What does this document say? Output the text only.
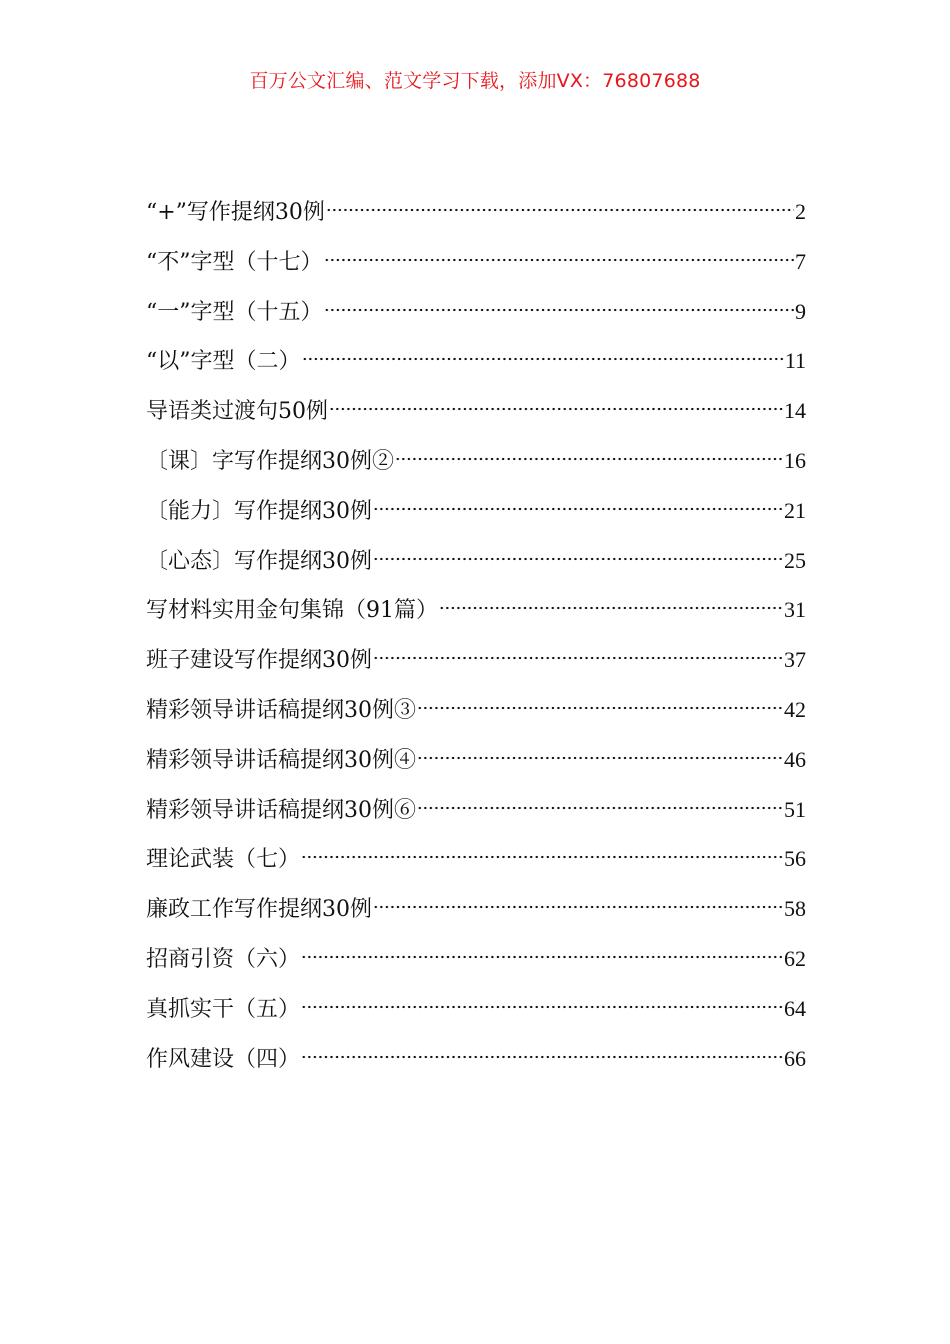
百万公文汇编、范文学习下载，添加VX：76807688
“+”写作提纲30例	2
“不”字型（十七）	7
“一”字型（十五）	9
“以”字型（二）	11
导语类过渡句50例	14
〔课〕字写作提纲30例②	16
〔能力〕写作提纲30例	21
〔心态〕写作提纲30例	25
写材料实用金句集锦（91篇）	31
班子建设写作提纲30例	37
精彩领导讲话稿提纲30例③	42
精彩领导讲话稿提纲30例④	46
精彩领导讲话稿提纲30例⑥	51
理论武装（七）	56
廉政工作写作提纲30例	58
招商引资（六）	62
真抓实干（五）	64
作风建设（四）	66
